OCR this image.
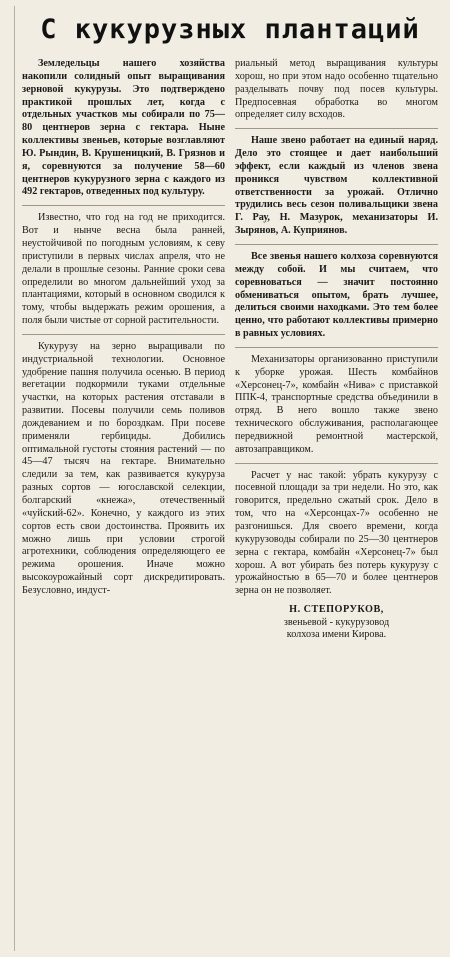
С кукурузных плантаций

Земледельцы нашего хозяйства накопили солидный опыт выращивания зерновой кукурузы. Это подтверждено практикой прошлых лет, когда с отдельных участков мы собирали по 75—80 центнеров зерна с гектара. Ныне коллективы звеньев, которые возглавляют Ю. Рындин, В. Крушеницкий, В. Грязнов и я, соревнуются за получение 58—60 центнеров кукурузного зерна с каждого из 492 гектаров, отведенных под культуру.

Известно, что год на год не приходится. Вот и нынче весна была ранней, неустойчивой по погодным условиям, к севу приступили в первых числах апреля, что не делали в прошлые сезоны. Ранние сроки сева определили во многом дальнейший уход за плантациями, который в основном сводился к тому, чтобы выдержать режим орошения, а поля были чистые от сорной растительности.

Кукурузу на зерно выращивали по индустриальной технологии. Основное удобрение пашня получила осенью. В период вегетации подкормили туками отдельные участки, на которых растения отставали в развитии. Посевы получили семь поливов дождеванием и по бороздкам. При посеве применяли гербициды. Добились оптимальной густоты стояния растений — по 45—47 тысяч на гектаре. Внимательно следили за тем, как развивается кукуруза разных сортов — югославской селекции, болгарский «кнежа», отечественный «чуйский-62». Конечно, у каждого из этих сортов есть свои достоинства. Проявить их можно лишь при условии строгой агротехники, соблюдения определяющего ее режима орошения. Иначе можно высокоурожайный сорт дискредитировать. Безусловно, индуст-

риальный метод выращивания культуры хорош, но при этом надо особенно тщательно разделывать почву под посев культуры. Предпосевная обработка во многом определяет силу всходов.

Наше звено работает на единый наряд. Дело это стоящее и дает наибольший эффект, если каждый из членов звена проникся чувством коллективной ответственности за урожай. Отлично трудились весь сезон поливальщики звена Г. Рау, Н. Мазурок, механизаторы И. Зырянов, А. Куприянов.

Все звенья нашего колхоза соревнуются между собой. И мы считаем, что соревноваться — значит постоянно обмениваться опытом, брать лучшее, делиться своими находками. Это тем более ценно, что работают коллективы примерно в равных условиях.

Механизаторы организованно приступили к уборке урожая. Шесть комбайнов «Херсонец-7», комбайн «Нива» с приставкой ППК-4, транспортные средства объединили в отряд. В него вошло также звено технического обслуживания, располагающее передвижной ремонтной мастерской, автозаправщиком.

Расчет у нас такой: убрать кукурузу с посевной площади за три недели. Но это, как говорится, предельно сжатый срок. Дело в том, что на «Херсонцах-7» особенно не разгонишься. Для своего времени, когда кукурузоводы собирали по 25—30 центнеров зерна с гектара, комбайн «Херсонец-7» был хорош. А вот убирать без потерь кукурузу с урожайностью в 65—70 и более центнеров зерна он не позволяет.

Н. СТЕПОРУКОВ,
звеньевой - кукурузовод
колхоза имени Кирова.
